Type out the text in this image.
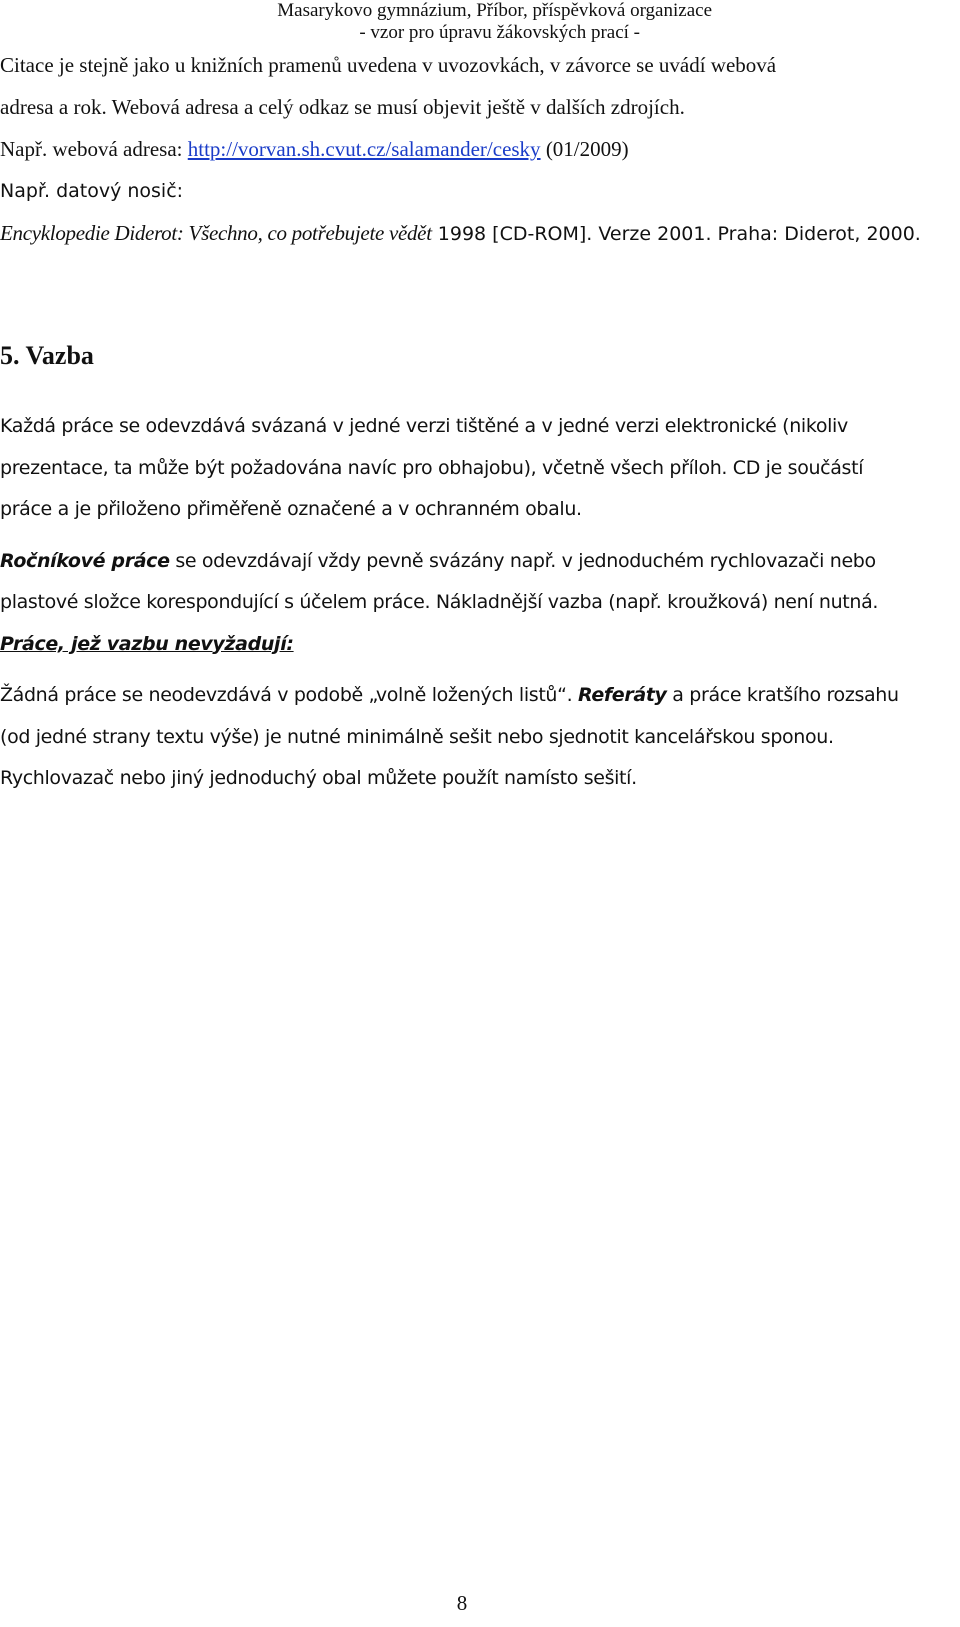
Masarykovo gymnázium, Příbor, příspěvková organizace
- vzor pro úpravu žákovských prací -

Citace je stejně jako u knižních pramenů uvedena v uvozovkách, v závorce se uvádí webová

adresa a rok. Webová adresa a celý odkaz se musí objevit ještě v dalších zdrojích.

Např. webová adresa: http://vorvan.sh.cvut.cz/salamander/cesky (01/2009)

Např. datový nosič:

Encyklopedie Diderot: Všechno, co potřebujete vědět 1998 [CD-ROM]. Verze 2001. Praha: Diderot, 2000.

5. Vazba

Každá práce se odevzdává svázaná v jedné verzi tištěné a v jedné verzi elektronické (nikoliv

prezentace, ta může být požadována navíc pro obhajobu), včetně všech příloh. CD je součástí

práce a je přiloženo přiměřeně označené a v ochranném obalu.

Ročníkové práce se odevzdávají vždy pevně svázány např. v jednoduchém rychlovazači nebo

plastové složce korespondující s účelem práce. Nákladnější vazba (např. kroužková) není nutná.

Práce, jež vazbu nevyžadují:

Žádná práce se neodevzdává v podobě „volně ložených listů“. Referáty a práce kratšího rozsahu

(od jedné strany textu výše) je nutné minimálně sešit nebo sjednotit kancelářskou sponou.

Rychlovazač nebo jiný jednoduchý obal můžete použít namísto sešití.

8
